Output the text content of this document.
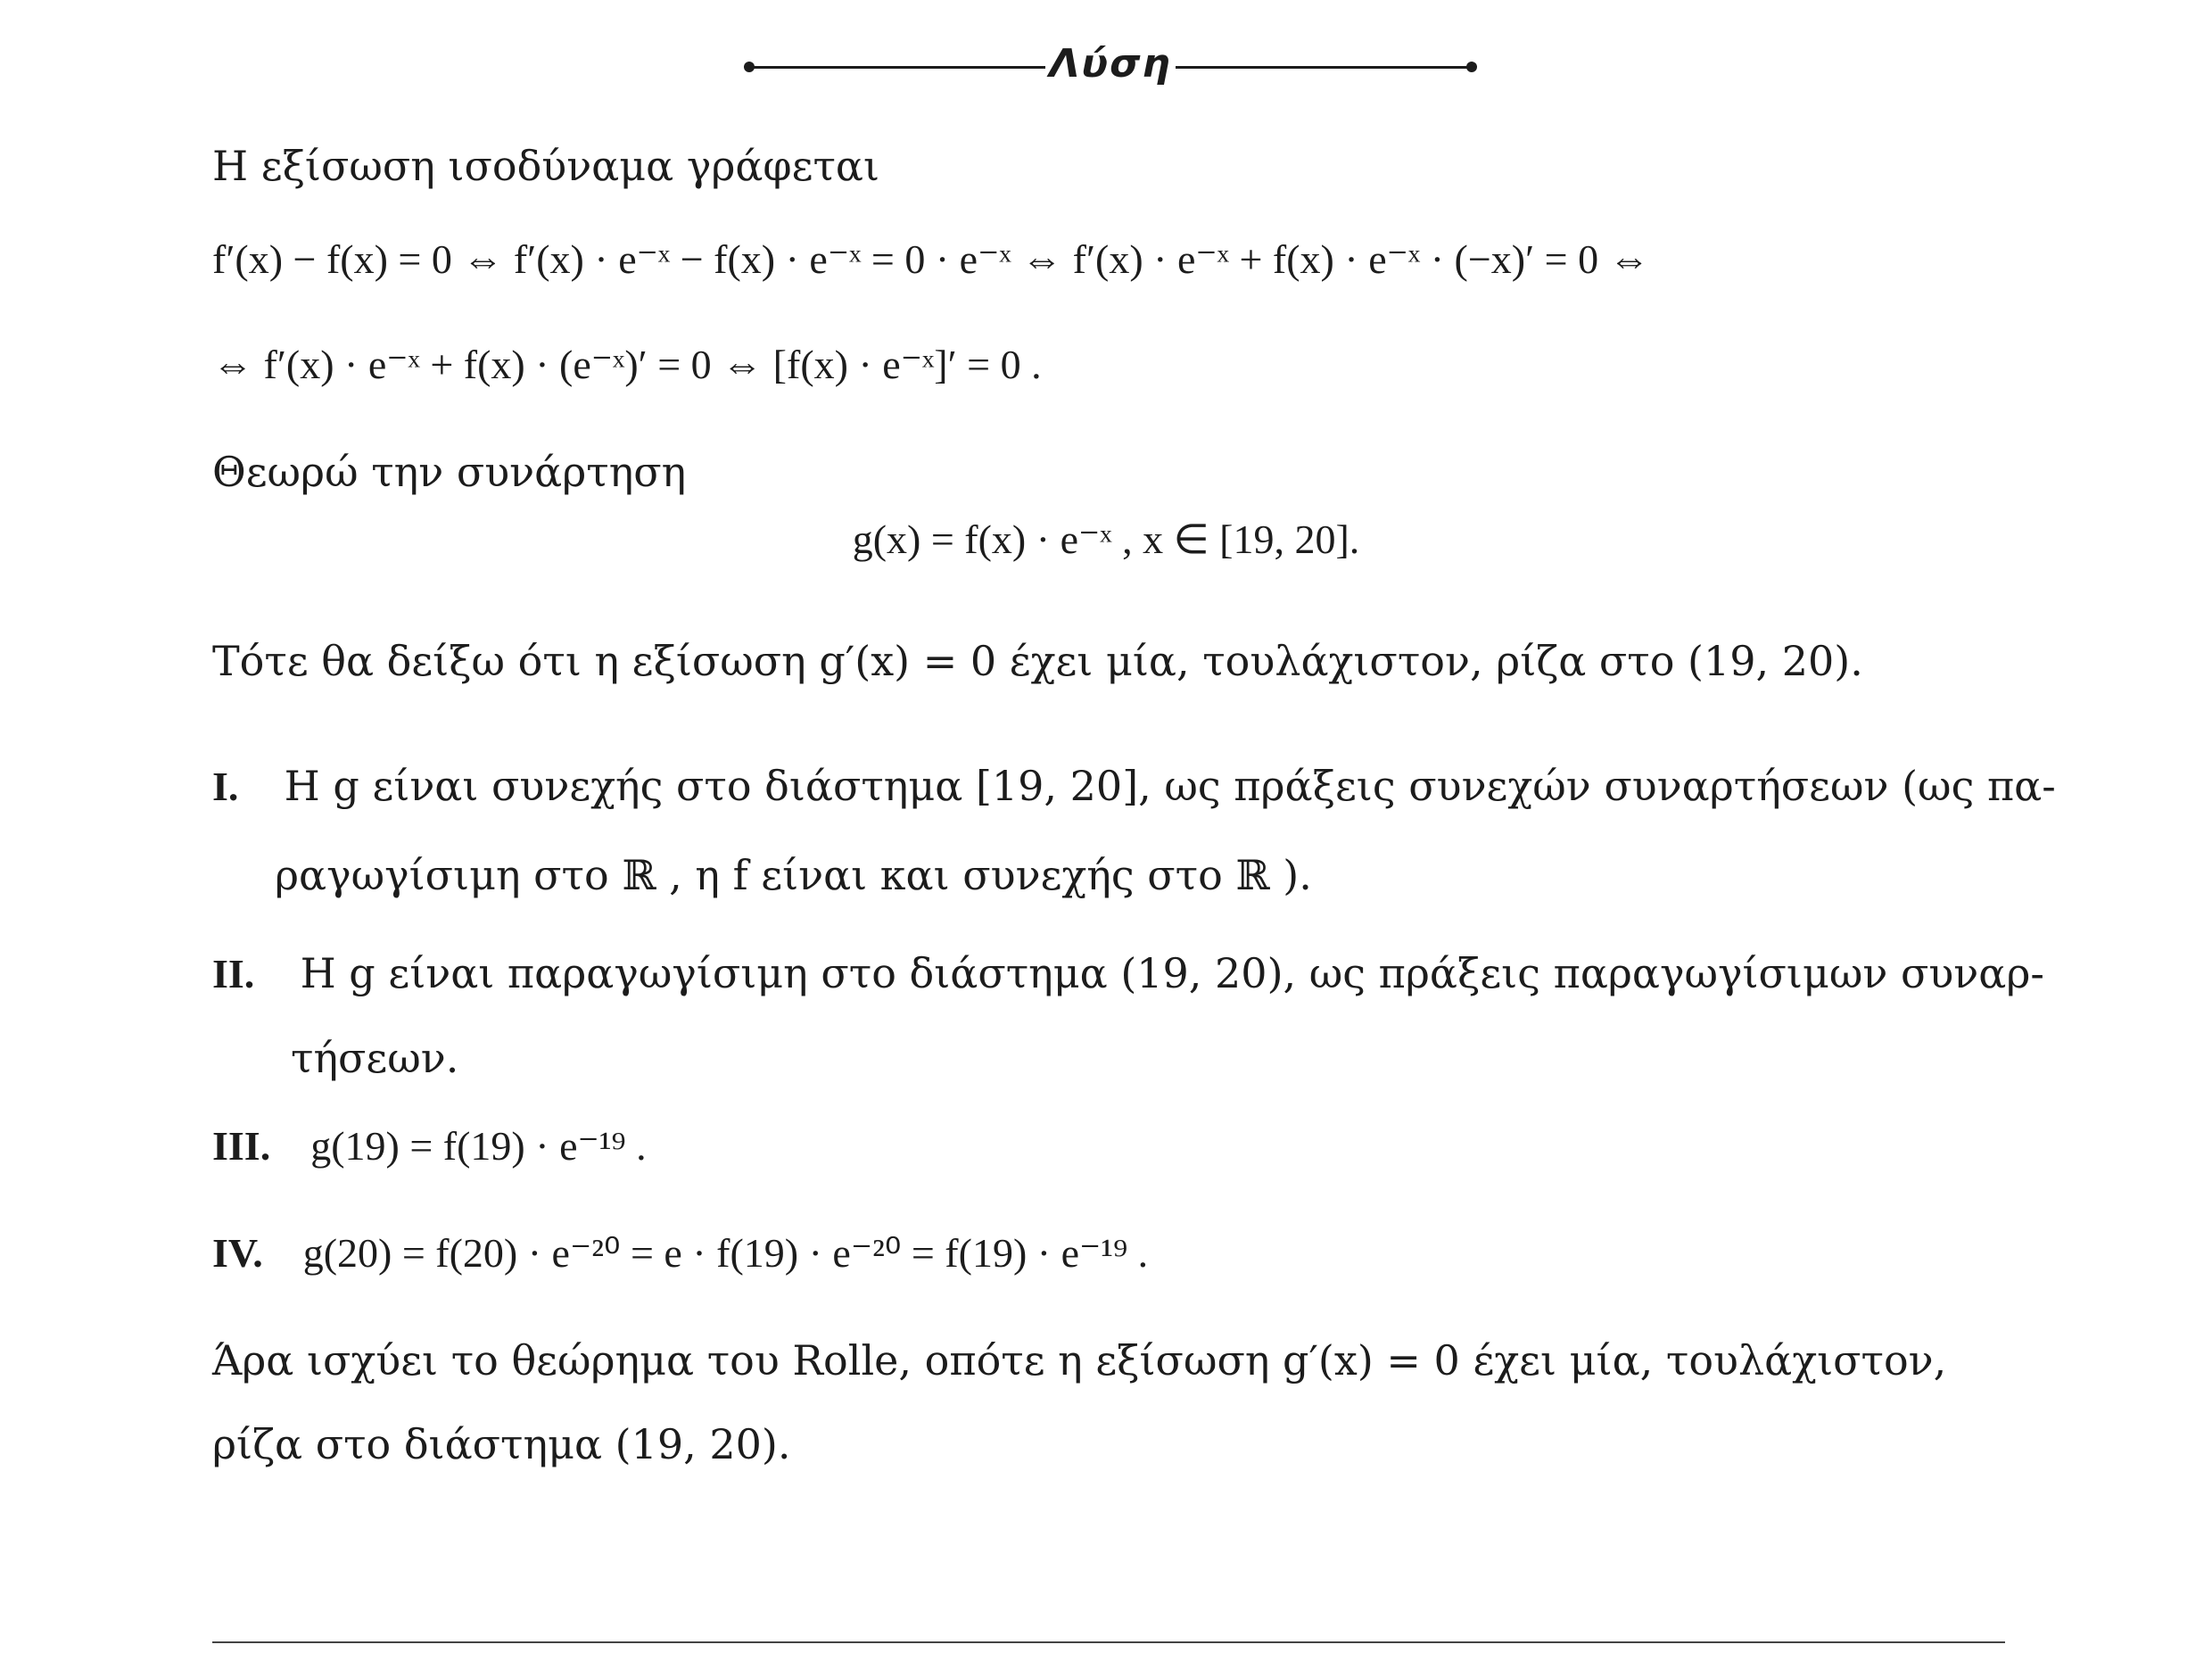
Λύση
Η εξίσωση ισοδύναμα γράφεται
f′(x) − f(x) = 0 ⇔ f′(x) · e⁻ˣ − f(x) · e⁻ˣ = 0 · e⁻ˣ ⇔ f′(x) · e⁻ˣ + f(x) · e⁻ˣ · (−x)′ = 0 ⇔
⇔ f′(x) · e⁻ˣ + f(x) · (e⁻ˣ)′ = 0 ⇔ [f(x) · e⁻ˣ]′ = 0 .
Θεωρώ την συνάρτηση
g(x) = f(x) · e⁻ˣ , x ∈ [19, 20].
Τότε θα δείξω ότι η εξίσωση g′(x) = 0 έχει μία, τουλάχιστον, ρίζα στο (19, 20).
I. Η g είναι συνεχής στο διάστημα [19, 20], ως πράξεις συνεχών συναρτήσεων (ως πα-
ραγωγίσιμη στο ℝ , η f είναι και συνεχής στο ℝ ).
II. Η g είναι παραγωγίσιμη στο διάστημα (19, 20), ως πράξεις παραγωγίσιμων συναρ-
τήσεων.
III. g(19) = f(19) · e⁻¹⁹ .
IV. g(20) = f(20) · e⁻²⁰ = e · f(19) · e⁻²⁰ = f(19) · e⁻¹⁹ .
Άρα ισχύει το θεώρημα του Rolle, οπότε η εξίσωση g′(x) = 0 έχει μία, τουλάχιστον,
ρίζα στο διάστημα (19, 20).
